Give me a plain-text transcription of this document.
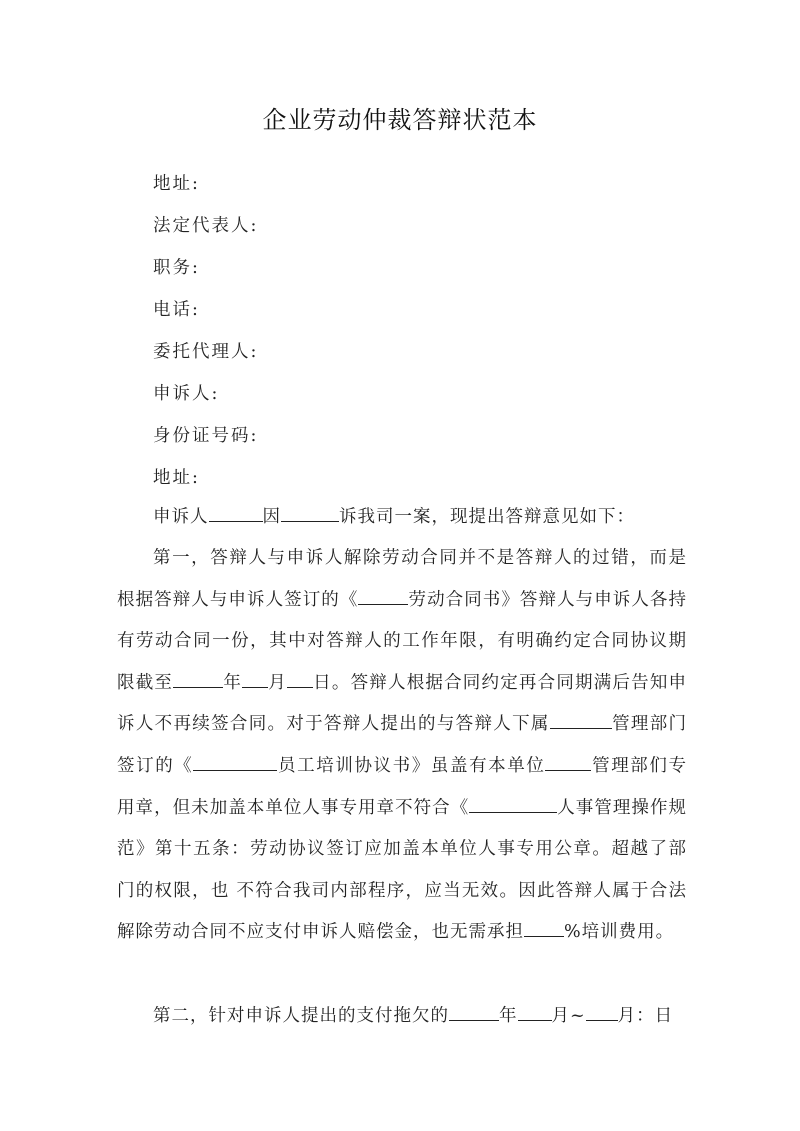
企业劳动仲裁答辩状范本
地址:
法定代表人:
职务:
电话:
委托代理人:
申诉人:
身份证号码:
地址:
申诉人	因	诉我司一案，现提出答辩意见如下：
第一，答辩人与申诉人解除劳动合同并不是答辩人的过错，而是根据答辩人与申诉人签订的《	劳动合同书》答辩人与申诉人各持有劳动合同一份，其中对答辩人的工作年限，有明确约定合同协议期限截至	年 月 日。答辩人根据合同约定再合同期满后告知申诉人不再续签合同。对于答辩人提出的与答辩人下属	管理部门签订的《	员工培训协议书》虽盖有本单位	管理部们专用章，但未加盖本单位人事专用章不符合《	人事管理操作规范》第十五条：劳动协议签订应加盖本单位人事专用公章。超越了部门的权限，也 不符合我司内部程序，应当无效。因此答辩人属于合法解除劳动合同不应支付申诉人赔偿金，也无需承担 %培训费用。
第二，针对申诉人提出的支付拖欠的	年 月~ 月：日
